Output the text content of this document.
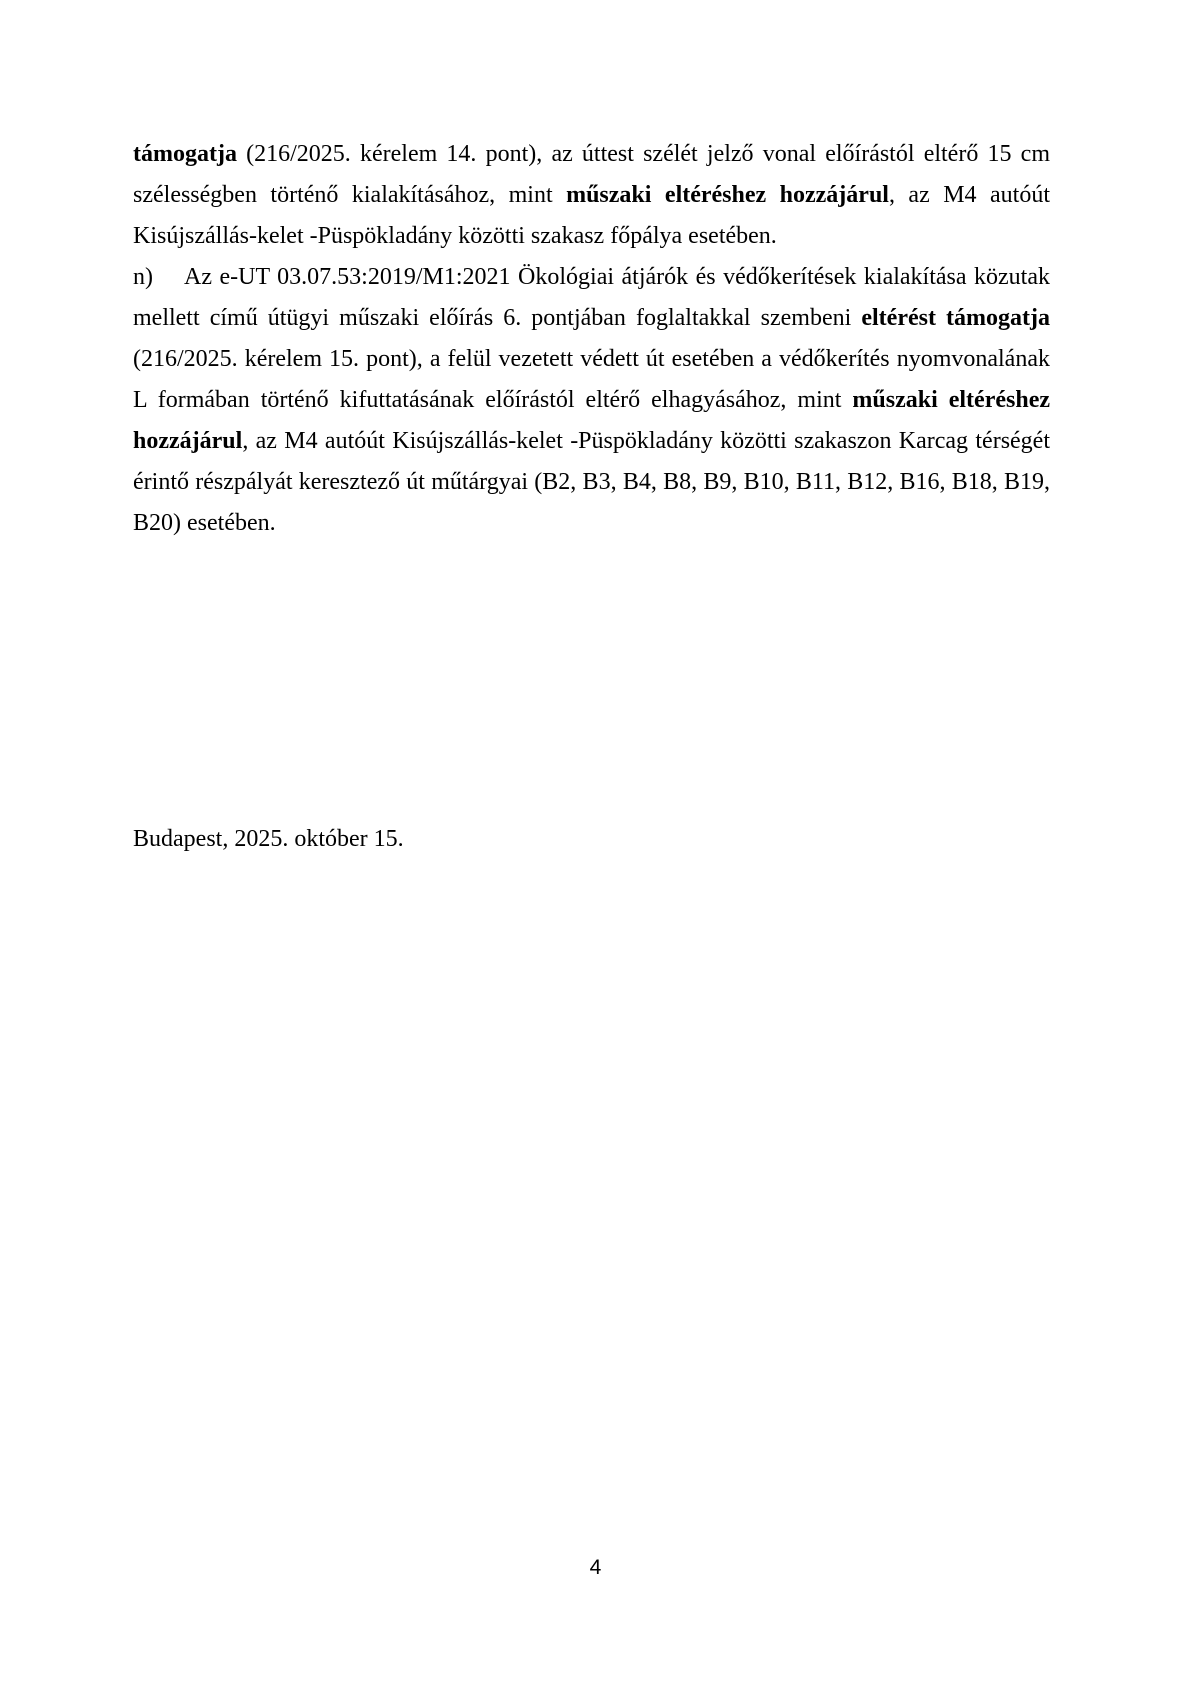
támogatja (216/2025. kérelem 14. pont), az úttest szélét jelző vonal előírástól eltérő 15 cm szélességben történő kialakításához, mint műszaki eltéréshez hozzájárul, az M4 autóút Kisújszállás-kelet -Püspökladány közötti szakasz főpálya esetében.

n) Az e-UT 03.07.53:2019/M1:2021 Ökológiai átjárók és védőkerítések kialakítása közutak mellett című útügyi műszaki előírás 6. pontjában foglaltakkal szembeni eltérést támogatja (216/2025. kérelem 15. pont), a felül vezetett védett út esetében a védőkerítés nyomvonalának L formában történő kifuttatásának előírástól eltérő elhagyásához, mint műszaki eltéréshez hozzájárul, az M4 autóút Kisújszállás-kelet -Püspökladány közötti szakaszon Karcag térségét érintő részpályát keresztező út műtárgyai (B2, B3, B4, B8, B9, B10, B11, B12, B16, B18, B19, B20) esetében.

Budapest, 2025. október 15.

4
